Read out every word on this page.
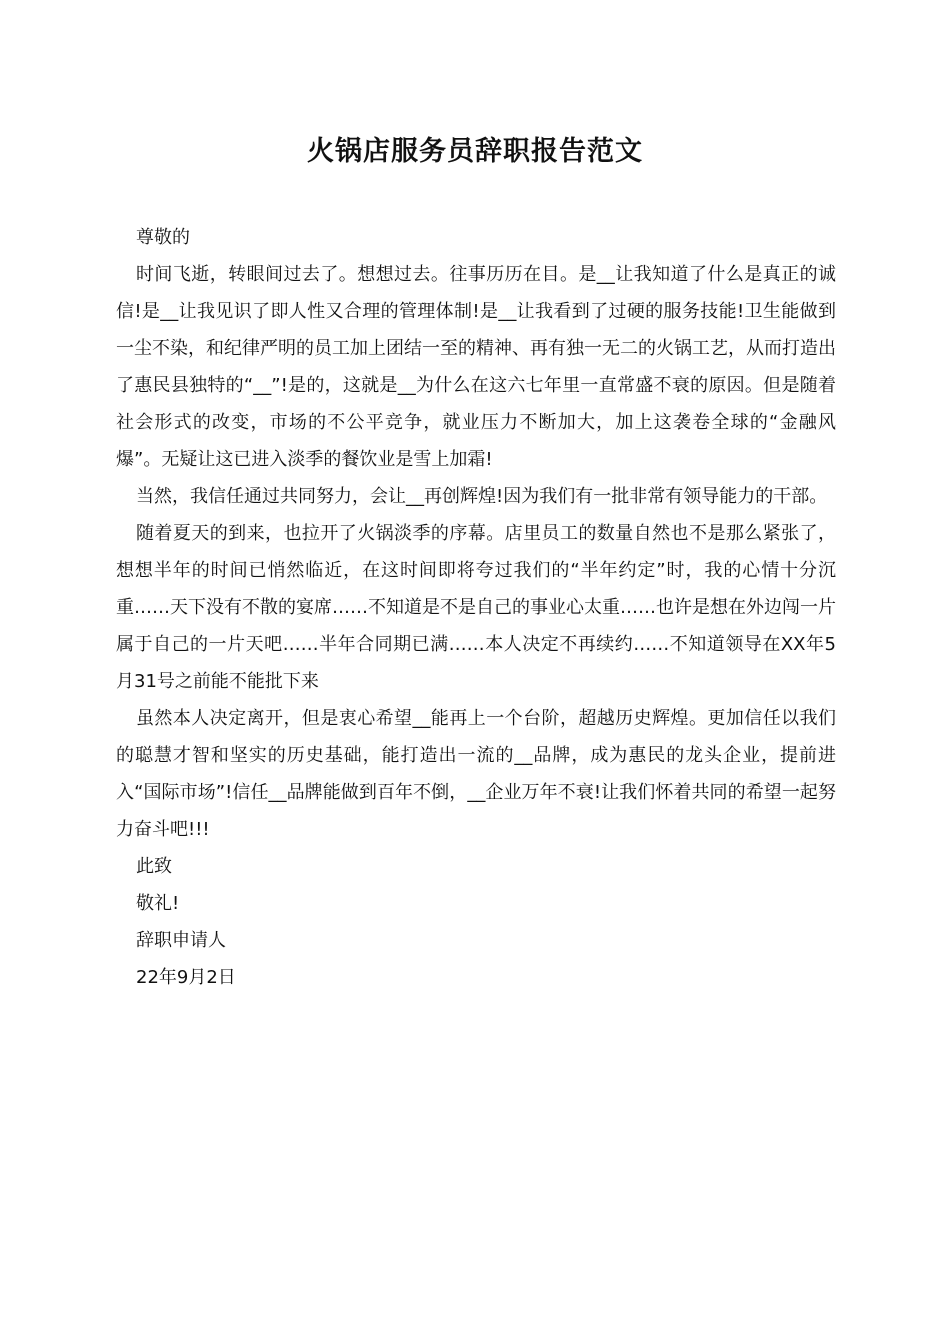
火锅店服务员辞职报告范文

尊敬的

时间飞逝，转眼间过去了。想想过去。往事历历在目。是__让我知道了什么是真正的诚信!是__让我见识了即人性又合理的管理体制!是__让我看到了过硬的服务技能!卫生能做到一尘不染，和纪律严明的员工加上团结一至的精神、再有独一无二的火锅工艺，从而打造出了惠民县独特的“__”!是的，这就是__为什么在这六七年里一直常盛不衰的原因。但是随着社会形式的改变，市场的不公平竞争，就业压力不断加大，加上这袭卷全球的“金融风爆”。无疑让这已进入淡季的餐饮业是雪上加霜!

当然，我信任通过共同努力，会让__再创辉煌!因为我们有一批非常有领导能力的干部。

随着夏天的到来，也拉开了火锅淡季的序幕。店里员工的数量自然也不是那么紧张了，想想半年的时间已悄然临近，在这时间即将夸过我们的“半年约定”时，我的心情十分沉重……天下没有不散的宴席……不知道是不是自己的事业心太重……也许是想在外边闯一片属于自己的一片天吧……半年合同期已满……本人决定不再续约……不知道领导在XX年5月31号之前能不能批下来

虽然本人决定离开，但是衷心希望__能再上一个台阶，超越历史辉煌。更加信任以我们的聪慧才智和坚实的历史基础，能打造出一流的__品牌，成为惠民的龙头企业，提前进入“国际市场”!信任__品牌能做到百年不倒，__企业万年不衰!让我们怀着共同的希望一起努力奋斗吧!!!

此致

敬礼!

辞职申请人

22年9月2日
